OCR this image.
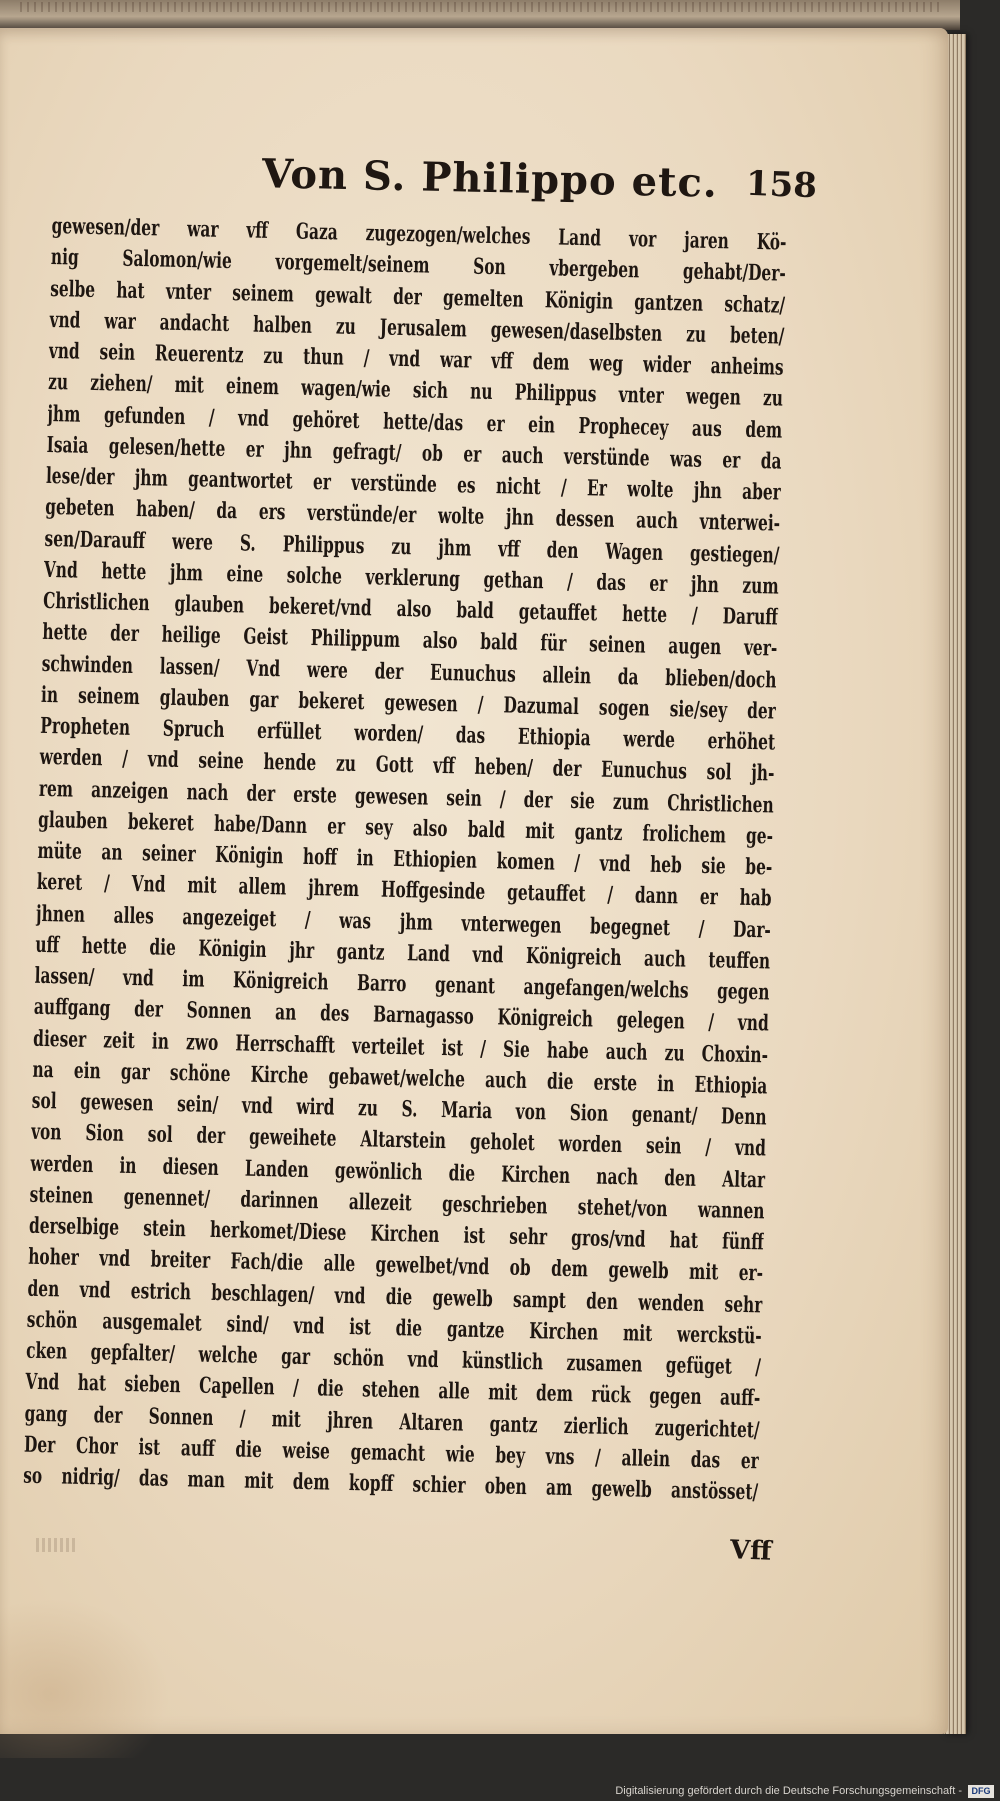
Von S. Philippo etc. 158
gewesen/der war vff Gaza zugezogen/welches Land vor jaren Kö-
nig Salomon/wie vorgemelt/seinem Son vbergeben gehabt/Der-
selbe hat vnter seinem gewalt der gemelten Königin gantzen schatz/
vnd war andacht halben zu Jerusalem gewesen/daselbsten zu beten/
vnd sein Reuerentz zu thun / vnd war vff dem weg wider anheims
zu ziehen/ mit einem wagen/wie sich nu Philippus vnter wegen zu
jhm gefunden / vnd gehöret hette/das er ein Prophecey aus dem
Isaia gelesen/hette er jhn gefragt/ ob er auch verstünde was er da
lese/der jhm geantwortet er verstünde es nicht / Er wolte jhn aber
gebeten haben/ da ers verstünde/er wolte jhn dessen auch vnterwei-
sen/Darauff were S. Philippus zu jhm vff den Wagen gestiegen/
Vnd hette jhm eine solche verklerung gethan / das er jhn zum
Christlichen glauben bekeret/vnd also bald getauffet hette / Daruff
hette der heilige Geist Philippum also bald für seinen augen ver-
schwinden lassen/ Vnd were der Eunuchus allein da blieben/doch
in seinem glauben gar bekeret gewesen / Dazumal sogen sie/sey der
Propheten Spruch erfüllet worden/ das Ethiopia werde erhöhet
werden / vnd seine hende zu Gott vff heben/ der Eunuchus sol jh-
rem anzeigen nach der erste gewesen sein / der sie zum Christlichen
glauben bekeret habe/Dann er sey also bald mit gantz frolichem ge-
müte an seiner Königin hoff in Ethiopien komen / vnd heb sie be-
keret / Vnd mit allem jhrem Hoffgesinde getauffet / dann er hab
jhnen alles angezeiget / was jhm vnterwegen begegnet / Dar-
uff hette die Königin jhr gantz Land vnd Königreich auch teuffen
lassen/ vnd im Königreich Barro genant angefangen/welchs gegen
auffgang der Sonnen an des Barnagasso Königreich gelegen / vnd
dieser zeit in zwo Herrschafft verteilet ist / Sie habe auch zu Choxin-
na ein gar schöne Kirche gebawet/welche auch die erste in Ethiopia
sol gewesen sein/ vnd wird zu S. Maria von Sion genant/ Denn
von Sion sol der geweihete Altarstein geholet worden sein / vnd
werden in diesen Landen gewönlich die Kirchen nach den Altar
steinen genennet/ darinnen allezeit geschrieben stehet/von wannen
derselbige stein herkomet/Diese Kirchen ist sehr gros/vnd hat fünff
hoher vnd breiter Fach/die alle gewelbet/vnd ob dem gewelb mit er-
den vnd estrich beschlagen/ vnd die gewelb sampt den wenden sehr
schön ausgemalet sind/ vnd ist die gantze Kirchen mit werckstü-
cken gepfalter/ welche gar schön vnd künstlich zusamen gefüget /
Vnd hat sieben Capellen / die stehen alle mit dem rück gegen auff-
gang der Sonnen / mit jhren Altaren gantz zierlich zugerichtet/
Der Chor ist auff die weise gemacht wie bey vns / allein das er
so nidrig/ das man mit dem kopff schier oben am gewelb anstösset/
Vff
Digitalisierung gefördert durch die Deutsche Forschungsgemeinschaft -	DFG
